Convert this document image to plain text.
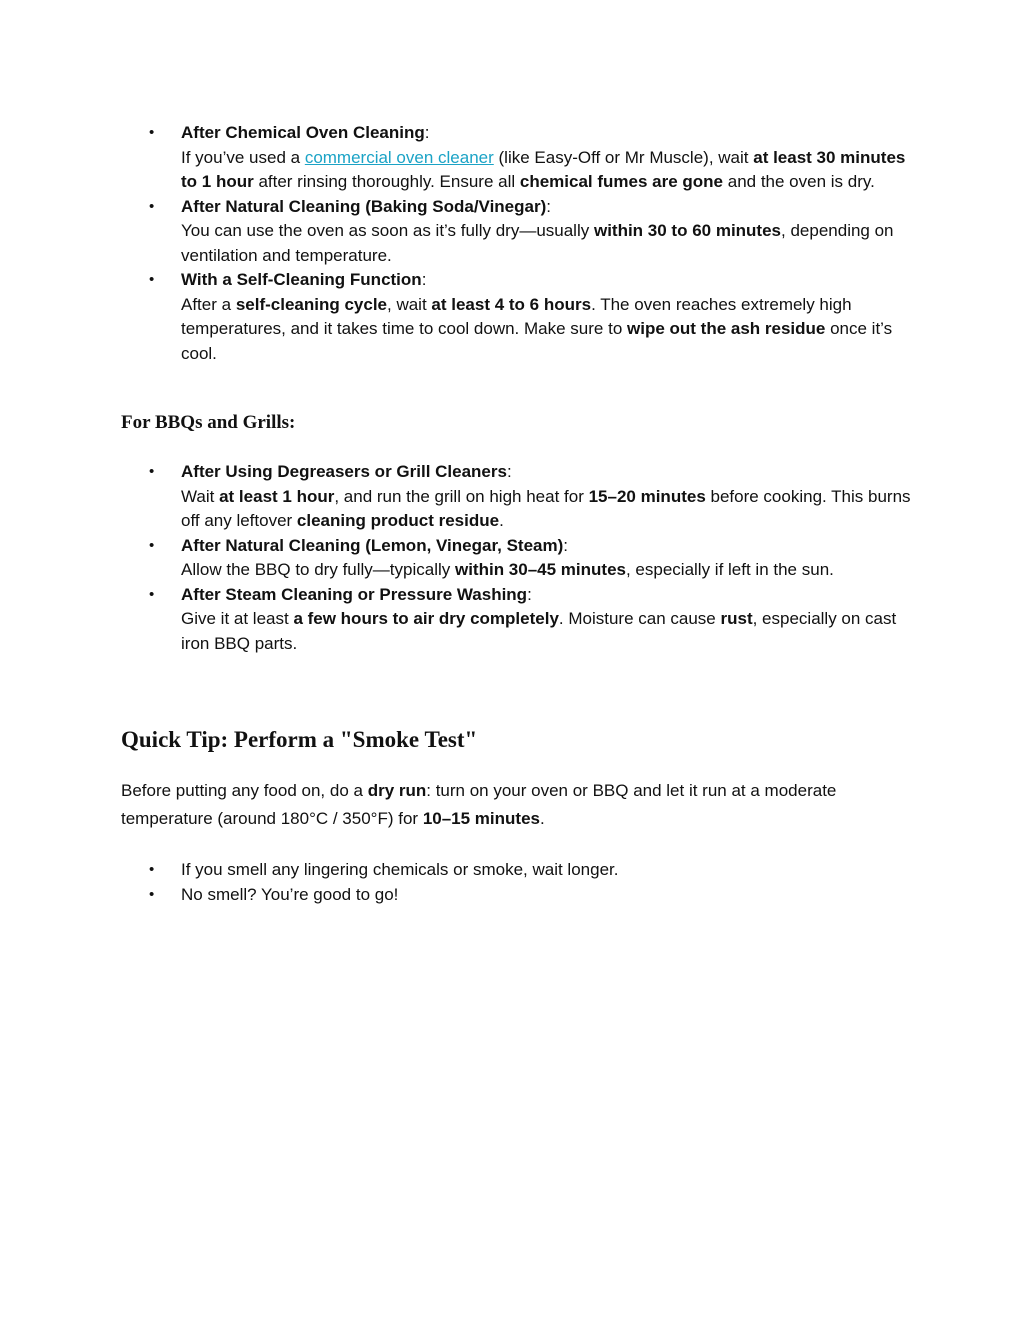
• After Chemical Oven Cleaning:
If you’ve used a commercial oven cleaner (like Easy-Off or Mr Muscle), wait at least 30 minutes to 1 hour after rinsing thoroughly. Ensure all chemical fumes are gone and the oven is dry.
• After Natural Cleaning (Baking Soda/Vinegar):
You can use the oven as soon as it’s fully dry—usually within 30 to 60 minutes, depending on ventilation and temperature.
• With a Self-Cleaning Function:
After a self-cleaning cycle, wait at least 4 to 6 hours. The oven reaches extremely high temperatures, and it takes time to cool down. Make sure to wipe out the ash residue once it’s cool.
For BBQs and Grills:
• After Using Degreasers or Grill Cleaners:
Wait at least 1 hour, and run the grill on high heat for 15–20 minutes before cooking. This burns off any leftover cleaning product residue.
• After Natural Cleaning (Lemon, Vinegar, Steam):
Allow the BBQ to dry fully—typically within 30–45 minutes, especially if left in the sun.
• After Steam Cleaning or Pressure Washing:
Give it at least a few hours to air dry completely. Moisture can cause rust, especially on cast iron BBQ parts.
Quick Tip: Perform a "Smoke Test"

Before putting any food on, do a dry run: turn on your oven or BBQ and let it run at a moderate temperature (around 180°C / 350°F) for 10–15 minutes.

• If you smell any lingering chemicals or smoke, wait longer.
• No smell? You’re good to go!
